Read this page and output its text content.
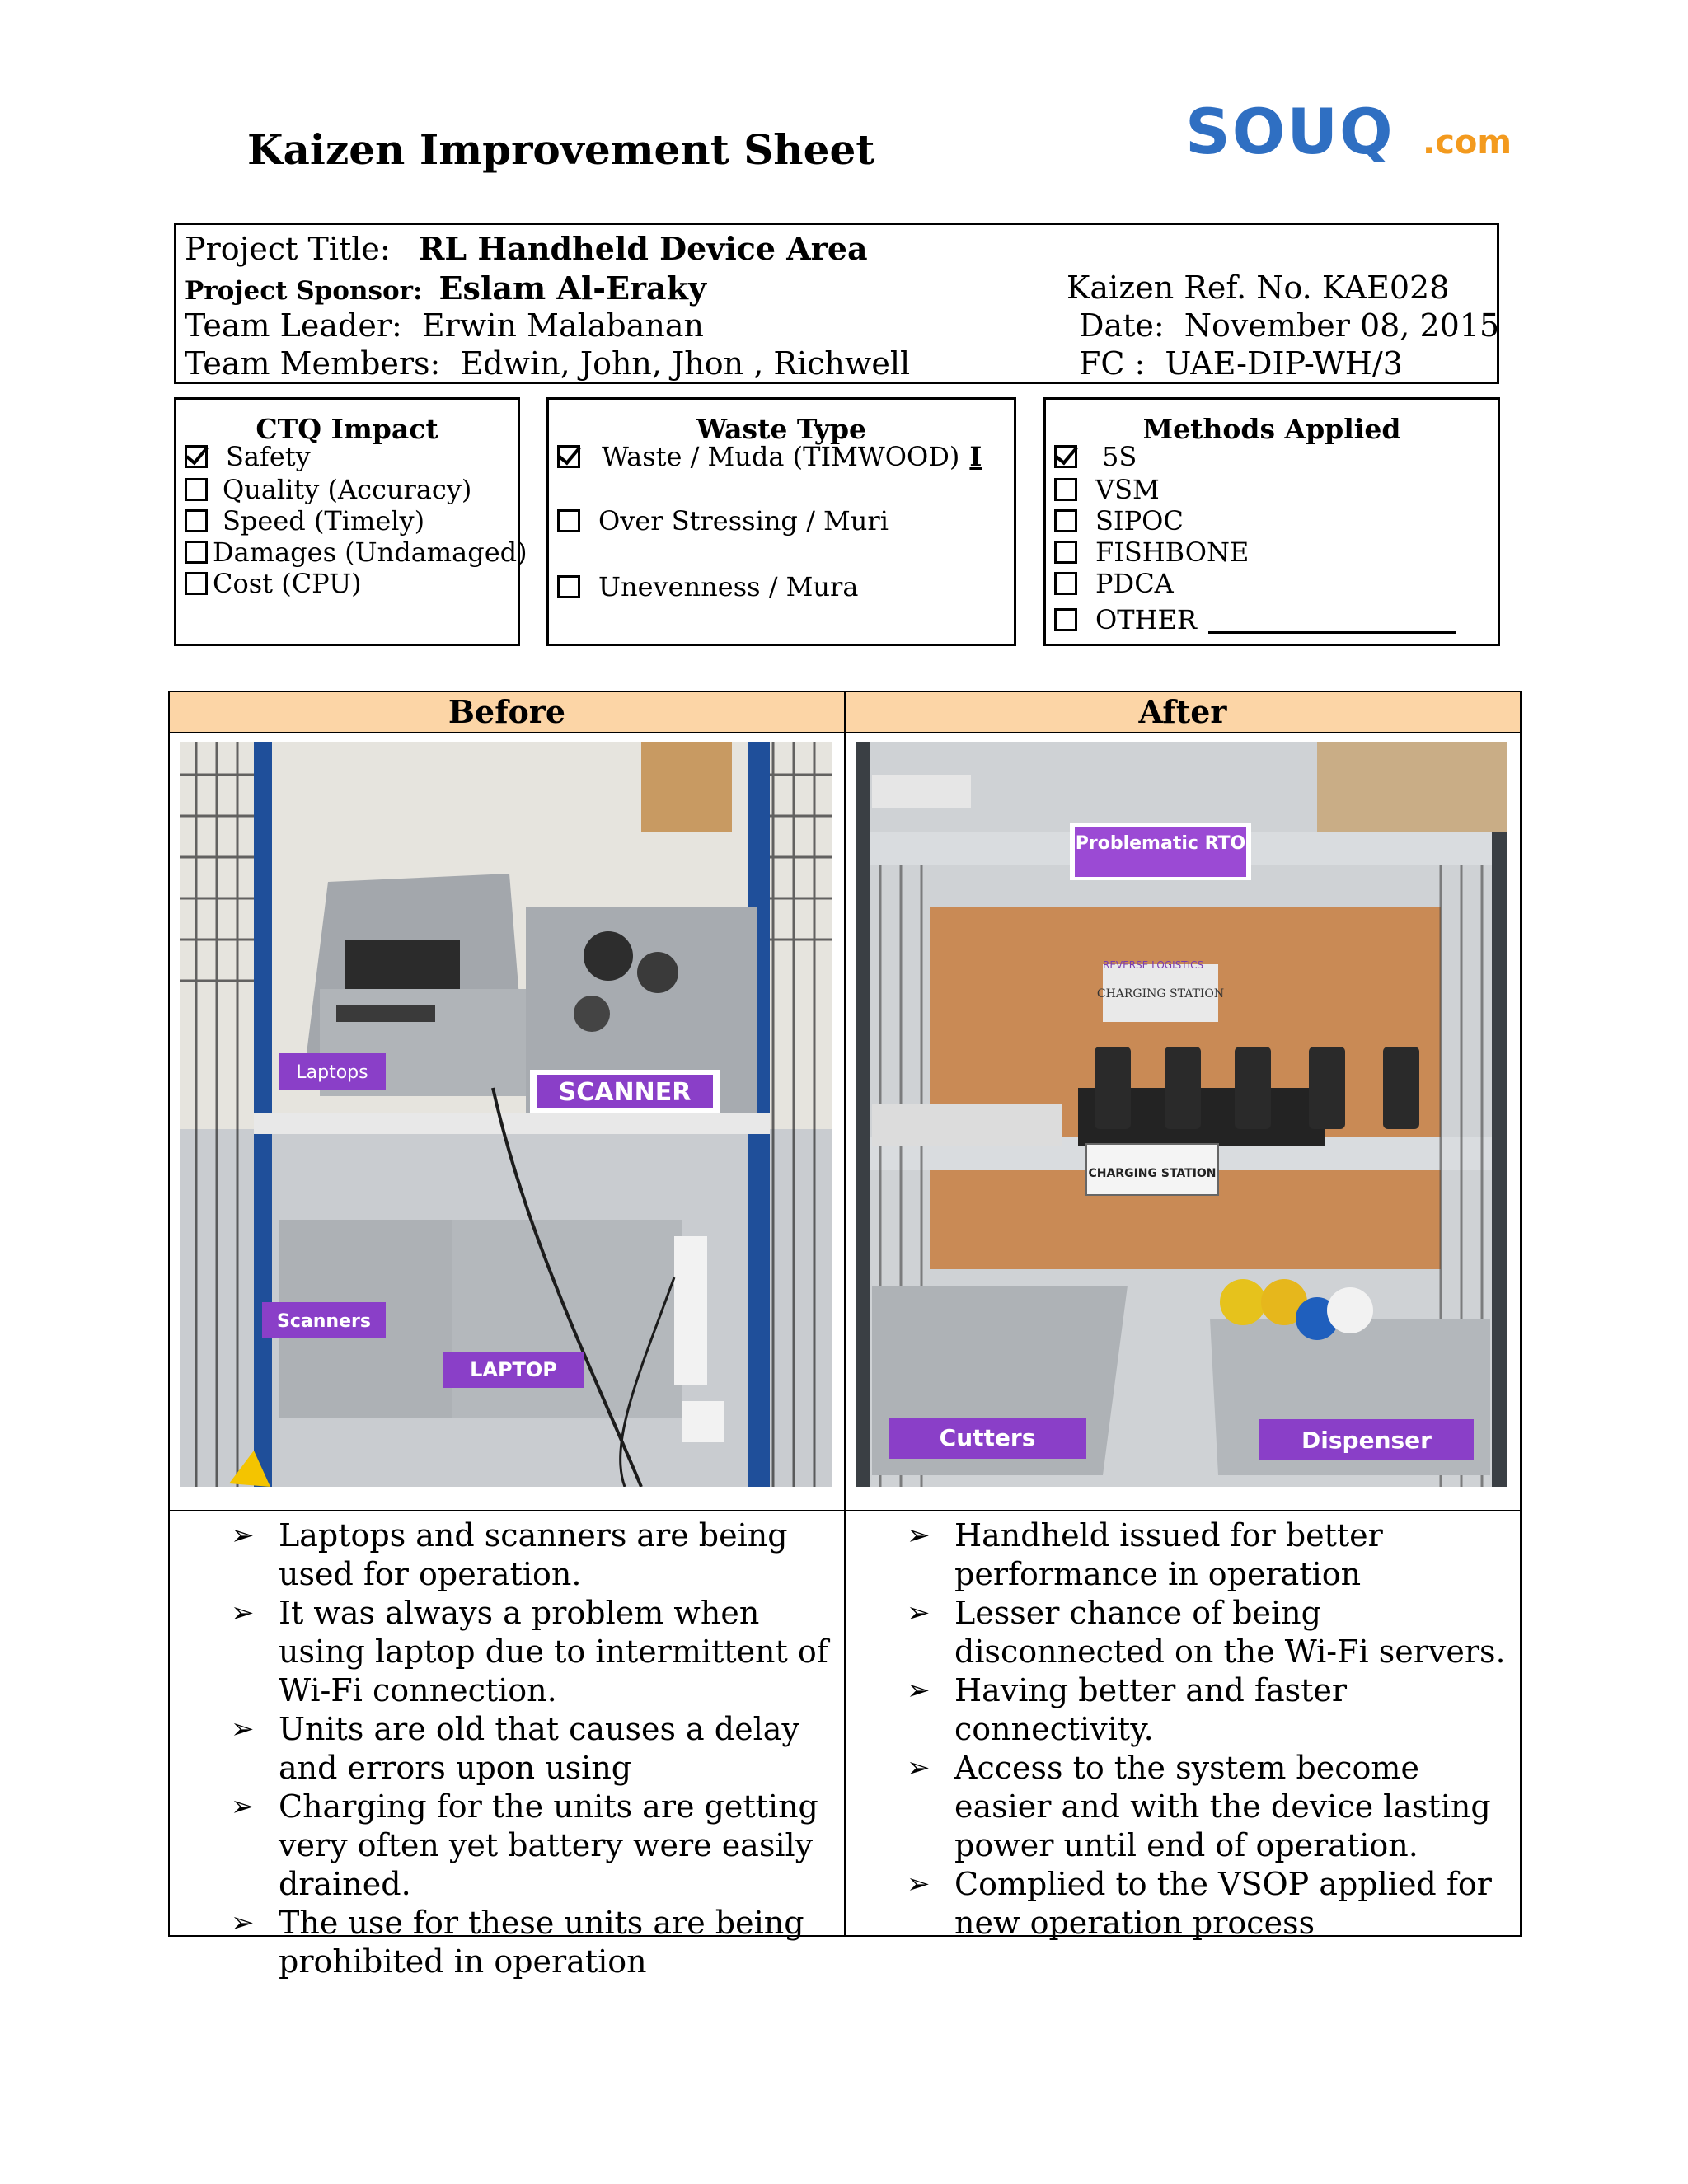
Kaizen Improvement Sheet	SOUQ .com
Project Title: RL Handheld Device Area
Project Sponsor: Eslam Al-Eraky
Team Leader: Erwin Malabanan
Team Members: Edwin, John, Jhon , Richwell
Kaizen Ref. No. KAE028
Date: November 08, 2015
FC : UAE-DIP-WH/3
CTQ Impact
Safety
Quality (Accuracy)
Speed (Timely)
Damages (Undamaged)
Cost (CPU)
Waste Type
Waste / Muda (TIMWOOD) I
Over Stressing / Muri
Unevenness / Mura
Methods Applied
5S
VSM
SIPOC
FISHBONE
PDCA
OTHER
Before	After
Laptops
SCANNER
Scanners
LAPTOP
Problematic RTO
REVERSE LOGISTICS
CHARGING STATION
CHARGING STATION
Cutters	Dispenser
➢ Laptops and scanners are being used for operation.
➢ It was always a problem when using laptop due to intermittent of Wi-Fi connection.
➢ Units are old that causes a delay and errors upon using
➢ Charging for the units are getting very often yet battery were easily drained.
➢ The use for these units are being prohibited in operation
➢ Handheld issued for better performance in operation
➢ Lesser chance of being disconnected on the Wi-Fi servers.
➢ Having better and faster connectivity.
➢ Access to the system become easier and with the device lasting power until end of operation.
➢ Complied to the VSOP applied for new operation process
